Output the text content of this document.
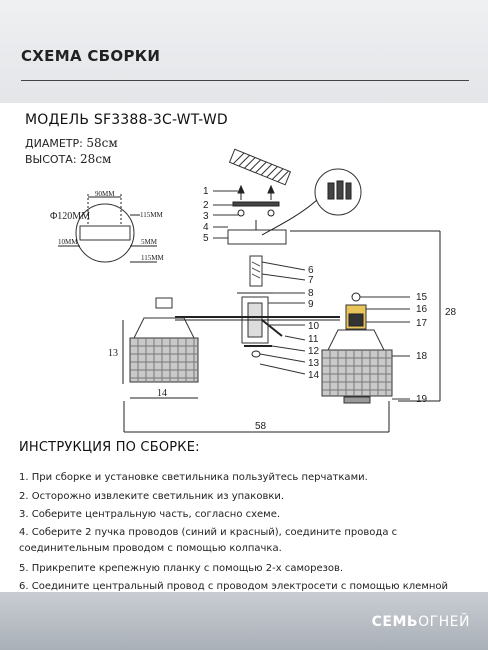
СХЕМА СБОРКИ
МОДЕЛЬ SF3388-3C-WT-WD
ДИАМЕТР: 58см
ВЫСОТА: 28см
90MM
Φ120MM	115MM
10MM	5MM
115MM
13
14
28
58
1
2
3
4
5
6
7
8
9
10
11
12
13
14
15
16
17
18
19
ИНСТРУКЦИЯ ПО СБОРКЕ:
1. При сборке и установке светильника пользуйтесь перчатками.
2. Осторожно извлеките светильник из упаковки.
3. Соберите центральную часть, согласно схеме.
4. Соберите 2 пучка проводов (синий и красный), соедините провода с соединительным проводом с помощью колпачка.
5. Прикрепите крепежную планку с помощью 2-х саморезов.
6. Соедините центральный провод с проводом электросети с помощью клемной
СЕМЬОГНЕЙ
